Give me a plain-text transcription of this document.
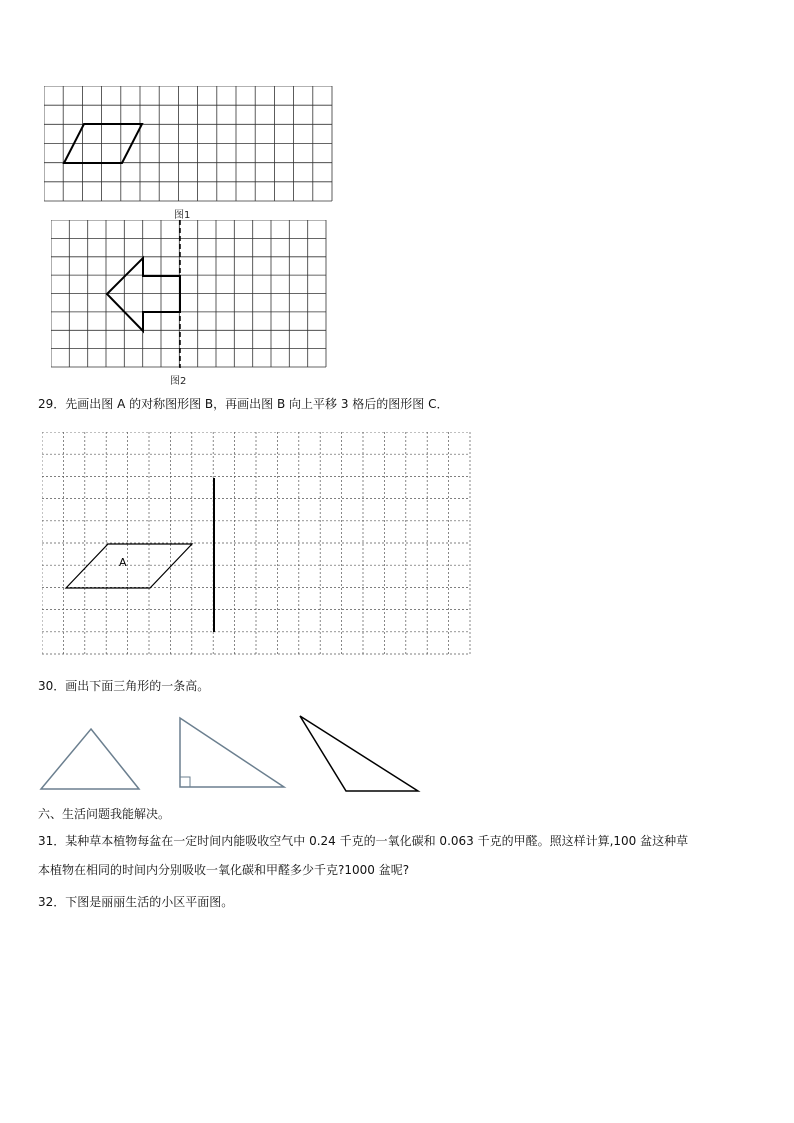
图1
图2
29．先画出图 A 的对称图形图 B，再画出图 B 向上平移 3 格后的图形图 C．
A
30．画出下面三角形的一条高。
六、生活问题我能解决。
31．某种草本植物每盆在一定时间内能吸收空气中 0.24 千克的一氧化碳和 0.063 千克的甲醛。照这样计算,100 盆这种草
本植物在相同的时间内分别吸收一氧化碳和甲醛多少千克?1000 盆呢?
32．下图是丽丽生活的小区平面图。
